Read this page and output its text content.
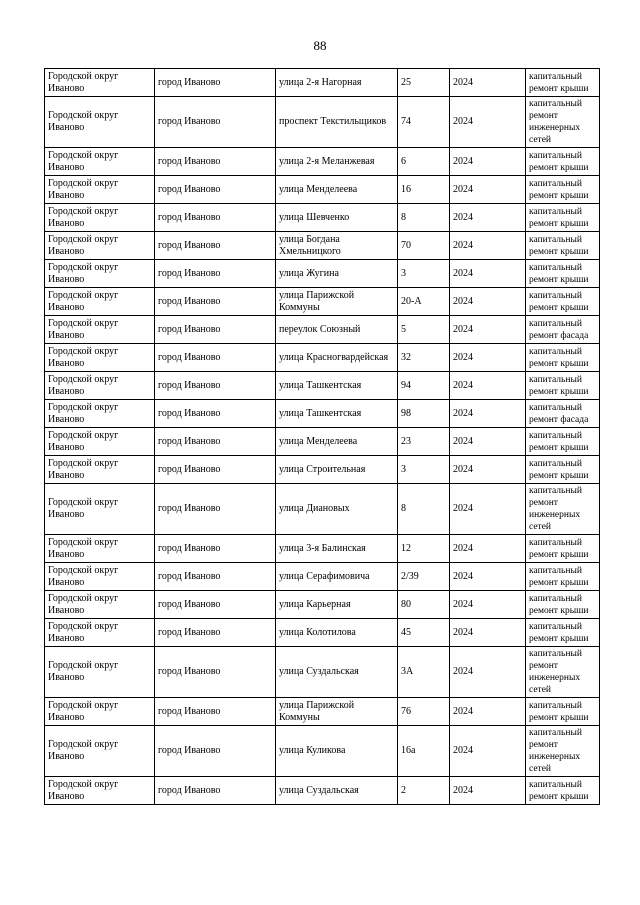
88
Городской округ Иваново	город Иваново	улица 2-я Нагорная	25	2024	капитальный ремонт крыши
Городской округ Иваново	город Иваново	проспект Текстильщиков	74	2024	капитальный ремонт инженерных сетей
Городской округ Иваново	город Иваново	улица 2-я Меланжевая	6	2024	капитальный ремонт крыши
Городской округ Иваново	город Иваново	улица Менделеева	16	2024	капитальный ремонт крыши
Городской округ Иваново	город Иваново	улица Шевченко	8	2024	капитальный ремонт крыши
Городской округ Иваново	город Иваново	улица Богдана Хмельницкого	70	2024	капитальный ремонт крыши
Городской округ Иваново	город Иваново	улица Жугина	3	2024	капитальный ремонт крыши
Городской округ Иваново	город Иваново	улица Парижской Коммуны	20-А	2024	капитальный ремонт крыши
Городской округ Иваново	город Иваново	переулок Союзный	5	2024	капитальный ремонт фасада
Городской округ Иваново	город Иваново	улица Красногвардейская	32	2024	капитальный ремонт крыши
Городской округ Иваново	город Иваново	улица Ташкентская	94	2024	капитальный ремонт крыши
Городской округ Иваново	город Иваново	улица Ташкентская	98	2024	капитальный ремонт фасада
Городской округ Иваново	город Иваново	улица Менделеева	23	2024	капитальный ремонт крыши
Городской округ Иваново	город Иваново	улица Строительная	3	2024	капитальный ремонт крыши
Городской округ Иваново	город Иваново	улица Диановых	8	2024	капитальный ремонт инженерных сетей
Городской округ Иваново	город Иваново	улица 3-я Балинская	12	2024	капитальный ремонт крыши
Городской округ Иваново	город Иваново	улица Серафимовича	2/39	2024	капитальный ремонт крыши
Городской округ Иваново	город Иваново	улица Карьерная	80	2024	капитальный ремонт крыши
Городской округ Иваново	город Иваново	улица Колотилова	45	2024	капитальный ремонт крыши
Городской округ Иваново	город Иваново	улица Суздальская	3А	2024	капитальный ремонт инженерных сетей
Городской округ Иваново	город Иваново	улица Парижской Коммуны	76	2024	капитальный ремонт крыши
Городской округ Иваново	город Иваново	улица Куликова	16а	2024	капитальный ремонт инженерных сетей
Городской округ Иваново	город Иваново	улица Суздальская	2	2024	капитальный ремонт крыши
